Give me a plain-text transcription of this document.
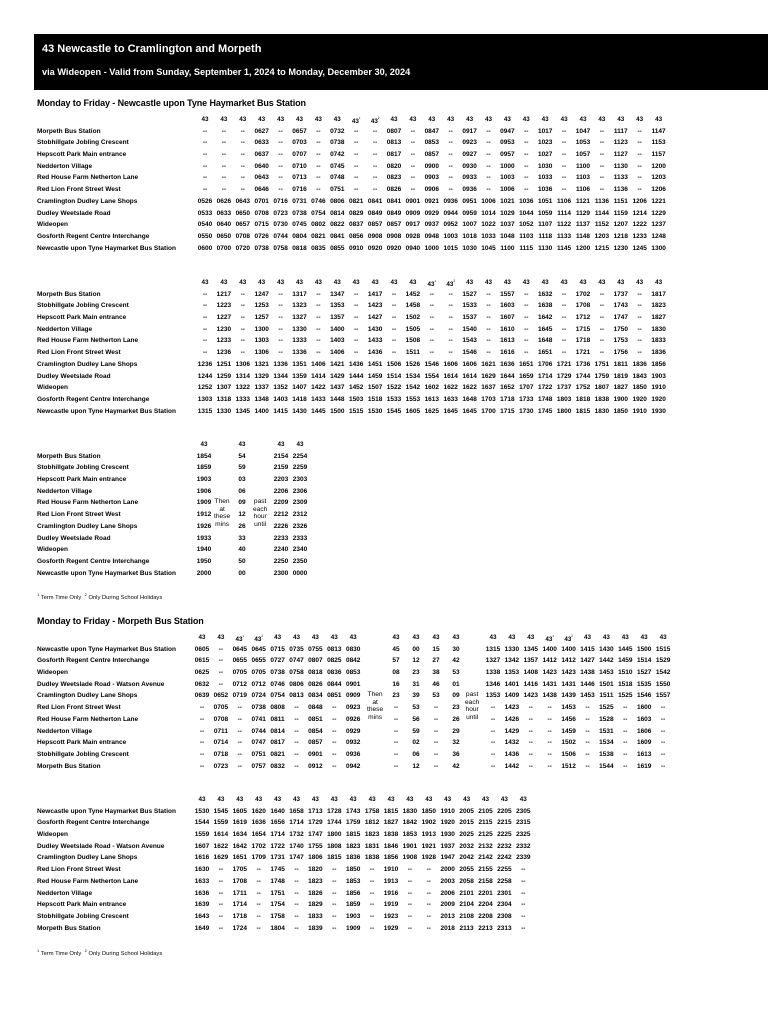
43 Newcastle to Cramlington and Morpeth
via Wideopen - Valid from Sunday, September 1, 2024 to Monday, December 30, 2024
Monday to Friday - Newcastle upon Tyne Haymarket Bus Station
43	43	43	43	43	43	43	43	$43^{^1}$	$43^{^2}$	43	43	43	43	43	43	43	43	43	43	43	43	43	43	43
Morpeth Bus Station	--	--	--	0627	--	0657	--	0732	--	--	0807	--	0847	--	0917	--	0947	--	1017	--	1047	--	1117	--	1147
Stobhillgate Jobling Crescent	--	--	--	0633	--	0703	--	0738	--	--	0813	--	0853	--	0923	--	0953	--	1023	--	1053	--	1123	--	1153
Hepscott Park Main entrance	--	--	--	0637	--	0707	--	0742	--	--	0817	--	0857	--	0927	--	0957	--	1027	--	1057	--	1127	--	1157
Nedderton Village	--	--	--	0640	--	0710	--	0745	--	--	0820	--	0900	--	0930	--	1000	--	1030	--	1100	--	1130	--	1200
Red House Farm Netherton Lane	--	--	--	0643	--	0713	--	0748	--	--	0823	--	0903	--	0933	--	1003	--	1033	--	1103	--	1133	--	1203
Red Lion Front Street West	--	--	--	0646	--	0716	--	0751	--	--	0826	--	0906	--	0936	--	1006	--	1036	--	1106	--	1136	--	1206
Cramlington Dudley Lane Shops	0526 0626 0643 0701 0716 0731 0746 0806 0821 0841 0841 0901 0921 0936 0951 1006 1021 1036 1051 1106 1121 1136 1151 1206 1221
Dudley Weetslade Road	0533 0633 0650 0708 0723 0738 0754 0814 0829 0849 0849 0909 0929 0944 0959 1014 1029 1044 1059 1114 1129 1144 1159 1214 1229
Wideopen	0540 0640 0657 0715 0730 0745 0802 0822 0837 0857 0857 0917 0937 0952 1007 1022 1037 1052 1107 1122 1137 1152 1207 1222 1237
Gosforth Regent Centre Interchange	0550 0650 0708 0726 0744 0804 0821 0841 0856 0908 0908 0928 0948 1003 1018 1033 1048 1103 1118 1133 1148 1203 1218 1233 1248
Newcastle upon Tyne Haymarket Bus Station	0600 0700 0720 0738 0758 0818 0835 0855 0910 0920 0920 0940 1000 1015 1030 1045 1100 1115 1130 1145 1200 1215 1230 1245 1300
43	43	43	43	43	43	43	43	43	43	43	43	$43^{^1}$	$43^{^2}$	43	43	43	43	43	43	43	43	43	43	43
Morpeth Bus Station	--	1217	--	1247	--	1317	--	1347	--	1417	--	1452	--	--	1527	--	1557	--	1632	--	1702	--	1737	--	1817
Stobhillgate Jobling Crescent	--	1223	--	1253	--	1323	--	1353	--	1423	--	1458	--	--	1533	--	1603	--	1638	--	1708	--	1743	--	1823
Hepscott Park Main entrance	--	1227	--	1257	--	1327	--	1357	--	1427	--	1502	--	--	1537	--	1607	--	1642	--	1712	--	1747	--	1827
Nedderton Village	--	1230	--	1300	--	1330	--	1400	--	1430	--	1505	--	--	1540	--	1610	--	1645	--	1715	--	1750	--	1830
Red House Farm Netherton Lane	--	1233	--	1303	--	1333	--	1403	--	1433	--	1508	--	--	1543	--	1613	--	1648	--	1718	--	1753	--	1833
Red Lion Front Street West	--	1236	--	1306	--	1336	--	1406	--	1436	--	1511	--	--	1546	--	1616	--	1651	--	1721	--	1756	--	1836
Cramlington Dudley Lane Shops	1236 1251 1306 1321 1336 1351 1406 1421 1436 1451 1506 1526 1546 1606 1606 1621 1636 1651 1706 1721 1736 1751 1811 1836 1856
Dudley Weetslade Road	1244 1259 1314 1329 1344 1359 1414 1429 1444 1459 1514 1534 1554 1614 1614 1629 1644 1659 1714 1729 1744 1759 1819 1843 1903
Wideopen	1252 1307 1322 1337 1352 1407 1422 1437 1452 1507 1522 1542 1602 1622 1622 1637 1652 1707 1722 1737 1752 1807 1827 1850 1910
Gosforth Regent Centre Interchange	1303 1318 1333 1348 1403 1418 1433 1448 1503 1518 1533 1553 1613 1633 1648 1703 1718 1733 1748 1803 1818 1838 1900 1920 1920
Newcastle upon Tyne Haymarket Bus Station	1315 1330 1345 1400 1415 1430 1445 1500 1515 1530 1545 1605 1625 1645 1645 1700 1715 1730 1745 1800 1815 1830 1850 1910 1930
43	43	43	43
Morpeth Bus Station	1854	54	2154 2254
Stobhillgate Jobling Crescent	1859	59	2159 2259
Hepscott Park Main entrance	1903	03	2203 2303
Nedderton Village	1906	06	2206 2306
Red House Farm Netherton Lane	1909	09	2209 2309
Red Lion Front Street West	1912	12	2212 2312
Cramlington Dudley Lane Shops	1926	26	2226 2326
Dudley Weetslade Road	1933	33	2233 2333
Wideopen	1940	40	2240 2340
Gosforth Regent Centre Interchange	1950	50	2250 2350
Newcastle upon Tyne Haymarket Bus Station	2000	00	2300 0000
Then
at
these
mins
past
each
hour
until
$^1$ Term Time Only  $^2$ Only During School Holidays
Monday to Friday - Morpeth Bus Station
43	43	$43^{^1}$	$43^{^2}$	43	43	43	43	43	43	43	43	43	43	43	43	$43^{^1}$	$43^{^2}$	43	43	43	43	43
Newcastle upon Tyne Haymarket Bus Station	0605	--	0645 0645 0715 0735 0755 0813 0830	45	00	15	30	1315 1330 1345 1400 1400 1415 1430 1445 1500 1515
Gosforth Regent Centre Interchange	0615	--	0655 0655 0727 0747 0807 0825 0842	57	12	27	42	1327 1342 1357 1412 1412 1427 1442 1459 1514 1529
Wideopen	0625	--	0705 0705 0738 0758 0818 0836 0853	08	23	38	53	1338 1353 1408 1423 1423 1438 1453 1510 1527 1542
Dudley Weetslade Road - Watson Avenue	0632	--	0712 0712 0746 0806 0826 0844 0901	16	31	46	01	1346 1401 1416 1431 1431 1446 1501 1518 1535 1550
Cramlington Dudley Lane Shops	0639 0652 0719 0724 0754 0813 0834 0851 0909	23	39	53	09	1353 1409 1423 1438 1439 1453 1511 1525 1546 1557
Red Lion Front Street West	--	0705	--	0738 0808	--	0848	--	0923	--	53	--	23	--	1423	--	--	1453	--	1525	--	1600	--
Red House Farm Netherton Lane	--	0708	--	0741 0811	--	0851	--	0926	--	56	--	26	--	1426	--	--	1456	--	1528	--	1603	--
Nedderton Village	--	0711	--	0744 0814	--	0854	--	0929	--	59	--	29	--	1429	--	--	1459	--	1531	--	1606	--
Hepscott Park Main entrance	--	0714	--	0747 0817	--	0857	--	0932	--	02	--	32	--	1432	--	--	1502	--	1534	--	1609	--
Stobhillgate Jobling Crescent	--	0718	--	0751 0821	--	0901	--	0936	--	06	--	36	--	1436	--	--	1506	--	1538	--	1613	--
Morpeth Bus Station	--	0723	--	0757 0832	--	0912	--	0942	--	12	--	42	--	1442	--	--	1512	--	1544	--	1619	--
Then
at
these
mins
past
each
hour
until
43	43	43	43	43	43	43	43	43	43	43	43	43	43	43	43	43	43
Newcastle upon Tyne Haymarket Bus Station	1530 1545 1605 1620 1640 1658 1713 1728 1743 1758 1815 1830 1850 1910 2005 2105 2205 2305
Gosforth Regent Centre Interchange	1544 1559 1619 1636 1656 1714 1729 1744 1759 1812 1827 1842 1902 1920 2015 2115 2215 2315
Wideopen	1559 1614 1634 1654 1714 1732 1747 1800 1815 1823 1838 1853 1913 1930 2025 2125 2225 2325
Dudley Weetslade Road - Watson Avenue	1607 1622 1642 1702 1722 1740 1755 1808 1823 1831 1846 1901 1921 1937 2032 2132 2232 2332
Cramlington Dudley Lane Shops	1616 1629 1651 1709 1731 1747 1806 1815 1836 1838 1856 1908 1928 1947 2042 2142 2242 2339
Red Lion Front Street West	1630	--	1705	--	1745	--	1820	--	1850	--	1910	--	--	2000 2055 2155 2255	--
Red House Farm Netherton Lane	1633	--	1708	--	1748	--	1823	--	1853	--	1913	--	--	2003 2058 2158 2258	--
Nedderton Village	1636	--	1711	--	1751	--	1826	--	1856	--	1916	--	--	2006 2101 2201 2301	--
Hepscott Park Main entrance	1639	--	1714	--	1754	--	1829	--	1859	--	1919	--	--	2009 2104 2204 2304	--
Stobhillgate Jobling Crescent	1643	--	1718	--	1758	--	1833	--	1903	--	1923	--	--	2013 2108 2208 2308	--
Morpeth Bus Station	1649	--	1724	--	1804	--	1839	--	1909	--	1929	--	--	2018 2113 2213 2313	--
$^1$ Term Time Only  $^2$ Only During School Holidays
